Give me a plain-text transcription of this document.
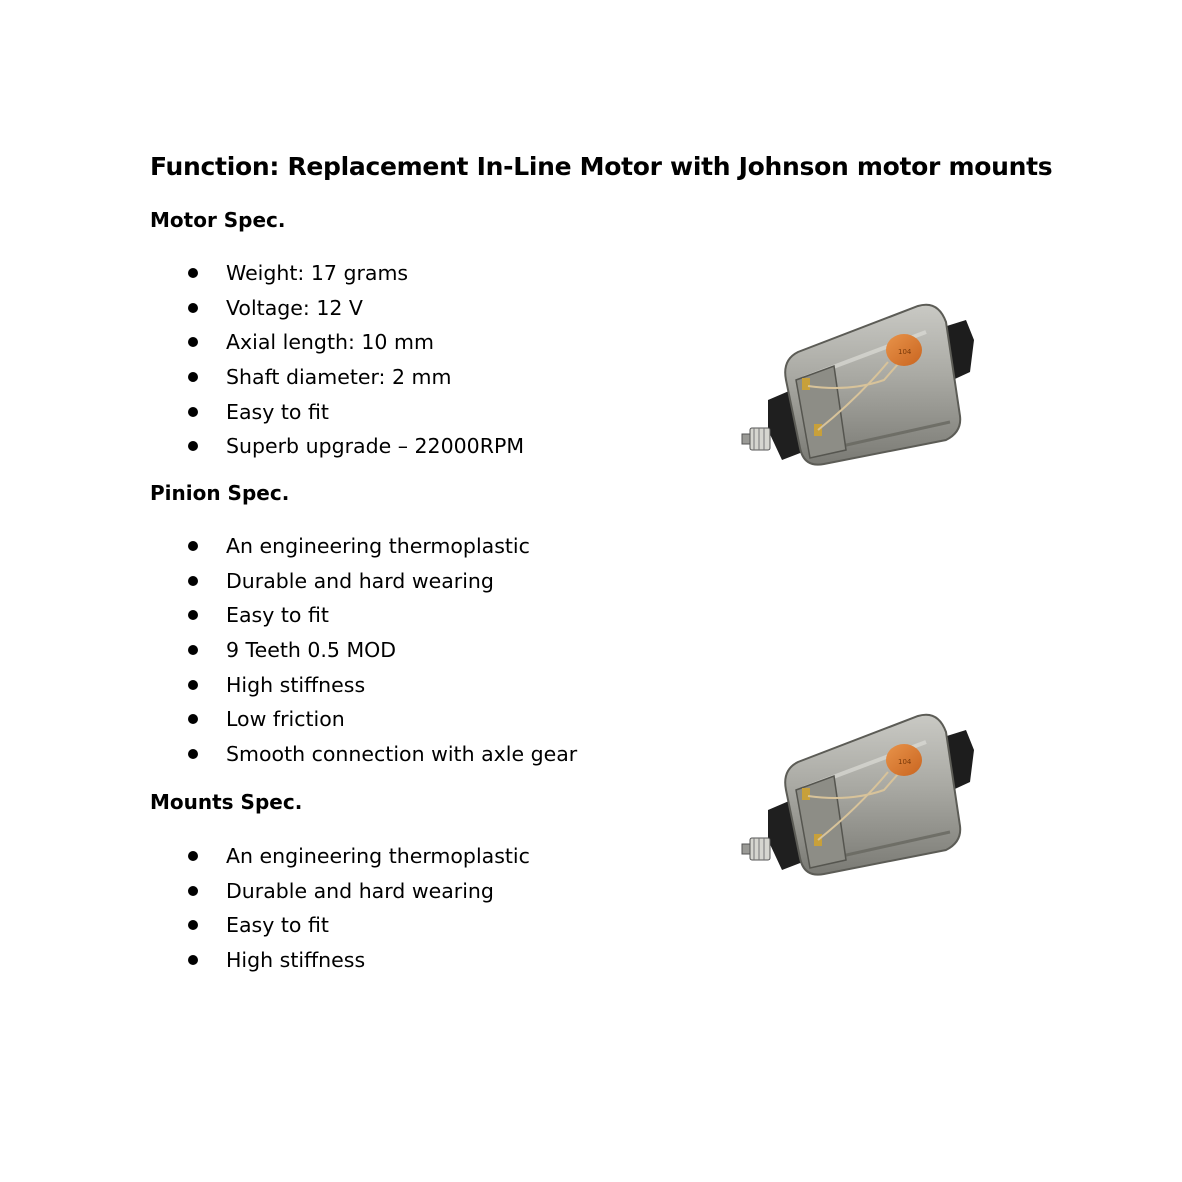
Function: Replacement In-Line Motor with Johnson motor mounts
Motor Spec.
Weight: 17 grams
Voltage: 12 V
Axial length: 10 mm
Shaft diameter: 2 mm
Easy to fit
Superb upgrade – 22000RPM
Pinion Spec.
An engineering thermoplastic
Durable and hard wearing
Easy to fit
9 Teeth 0.5 MOD
High stiffness
Low friction
Smooth connection with axle gear
Mounts Spec.
An engineering thermoplastic
Durable and hard wearing
Easy to fit
High stiffness
104
104
